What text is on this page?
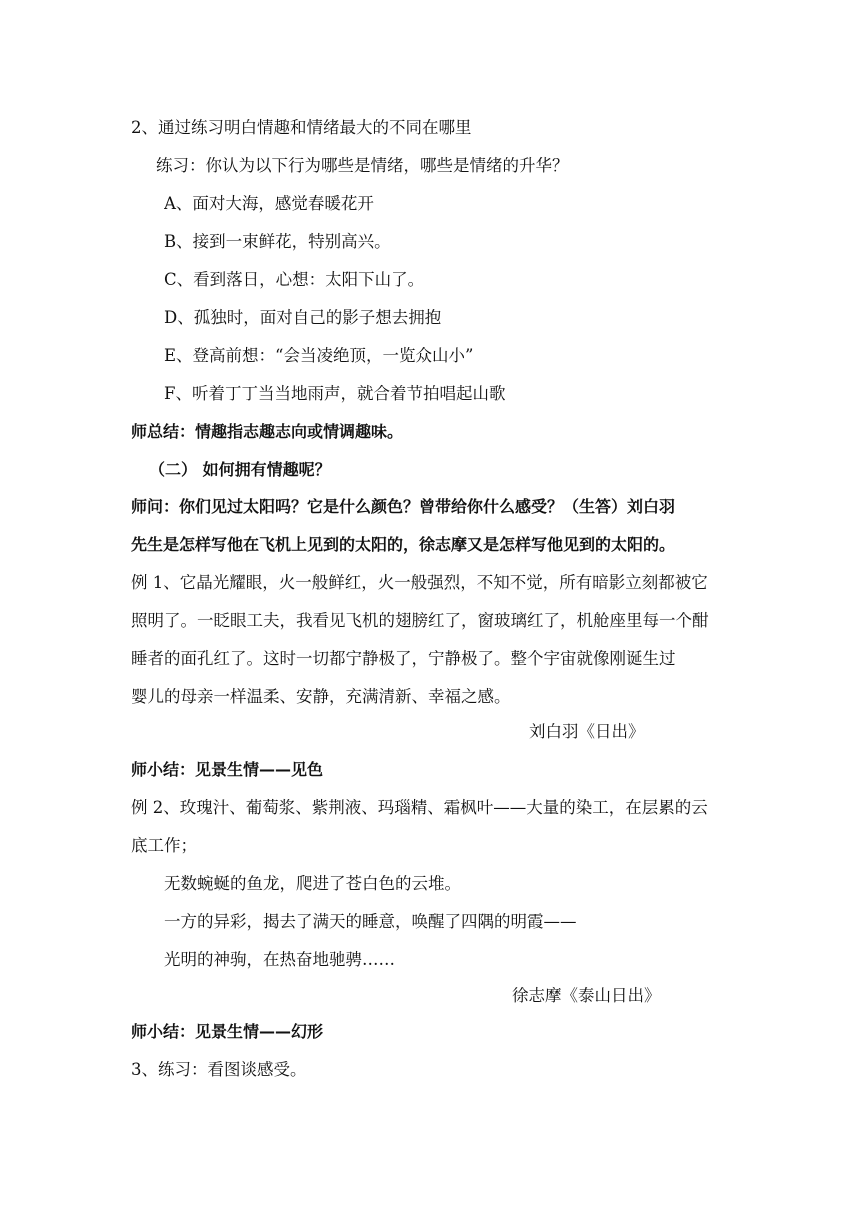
2、通过练习明白情趣和情绪最大的不同在哪里
练习：你认为以下行为哪些是情绪，哪些是情绪的升华？
A、面对大海，感觉春暖花开
B、接到一束鲜花，特别高兴。
C、看到落日，心想：太阳下山了。
D、孤独时，面对自己的影子想去拥抱
E、登高前想：“会当凌绝顶，一览众山小”
F、听着丁丁当当地雨声，就合着节拍唱起山歌
师总结：情趣指志趣志向或情调趣味。
（二） 如何拥有情趣呢？
师问：你们见过太阳吗？它是什么颜色？曾带给你什么感受？（生答）刘白羽
先生是怎样写他在飞机上见到的太阳的，徐志摩又是怎样写他见到的太阳的。
例 1、它晶光耀眼，火一般鲜红，火一般强烈，不知不觉，所有暗影立刻都被它
照明了。一眨眼工夫，我看见飞机的翅膀红了，窗玻璃红了，机舱座里每一个酣
睡者的面孔红了。这时一切都宁静极了，宁静极了。整个宇宙就像刚诞生过
婴儿的母亲一样温柔、安静，充满清新、幸福之感。
刘白羽《日出》
师小结：见景生情——见色
例 2、玫瑰汁、葡萄浆、紫荆液、玛瑙精、霜枫叶——大量的染工，在层累的云
底工作；
无数蜿蜒的鱼龙，爬进了苍白色的云堆。
一方的异彩，揭去了满天的睡意，唤醒了四隅的明霞——
光明的神驹，在热奋地驰骋……
徐志摩《泰山日出》
师小结：见景生情——幻形
3、练习：看图谈感受。
